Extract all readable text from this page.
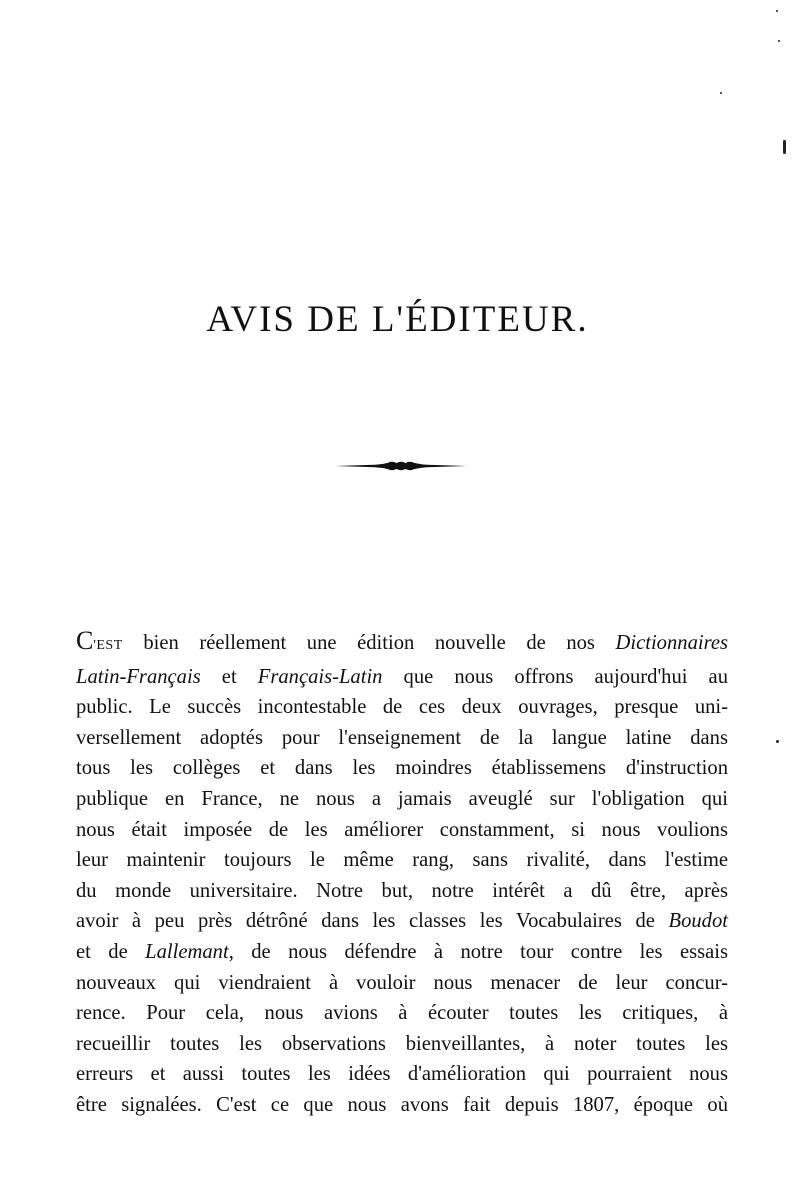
AVIS DE L'ÉDITEUR.
C'EST bien réellement une édition nouvelle de nos Dictionnaires
Latin-Français et Français-Latin que nous offrons aujourd'hui au
public. Le succès incontestable de ces deux ouvrages, presque uni-
versellement adoptés pour l'enseignement de la langue latine dans
tous les collèges et dans les moindres établissemens d'instruction
publique en France, ne nous a jamais aveuglé sur l'obligation qui
nous était imposée de les améliorer constamment, si nous voulions
leur maintenir toujours le même rang, sans rivalité, dans l'estime
du monde universitaire. Notre but, notre intérêt a dû être, après
avoir à peu près détrôné dans les classes les Vocabulaires de Boudot
et de Lallemant, de nous défendre à notre tour contre les essais
nouveaux qui viendraient à vouloir nous menacer de leur concur-
rence. Pour cela, nous avions à écouter toutes les critiques, à
recueillir toutes les observations bienveillantes, à noter toutes les
erreurs et aussi toutes les idées d'amélioration qui pourraient nous
être signalées. C'est ce que nous avons fait depuis 1807, époque où
